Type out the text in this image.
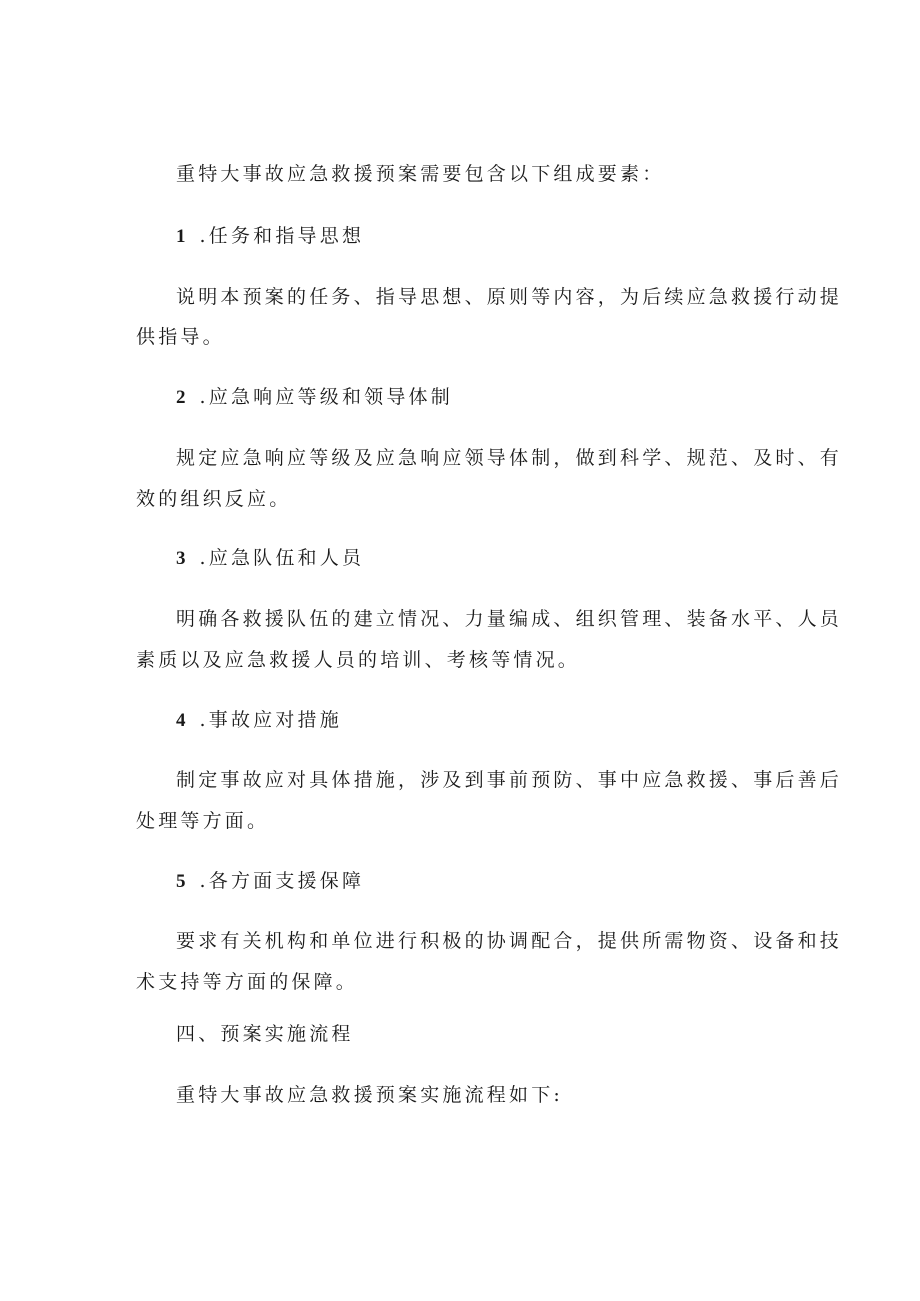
重特大事故应急救援预案需要包含以下组成要素：
1 .任务和指导思想
说明本预案的任务、指导思想、原则等内容，为后续应急救援行动提
供指导。
2 .应急响应等级和领导体制
规定应急响应等级及应急响应领导体制，做到科学、规范、及时、有
效的组织反应。
3 .应急队伍和人员
明确各救援队伍的建立情况、力量编成、组织管理、装备水平、人员
素质以及应急救援人员的培训、考核等情况。
4 .事故应对措施
制定事故应对具体措施，涉及到事前预防、事中应急救援、事后善后
处理等方面。
5 .各方面支援保障
要求有关机构和单位进行积极的协调配合，提供所需物资、设备和技
术支持等方面的保障。
四、预案实施流程
重特大事故应急救援预案实施流程如下:
